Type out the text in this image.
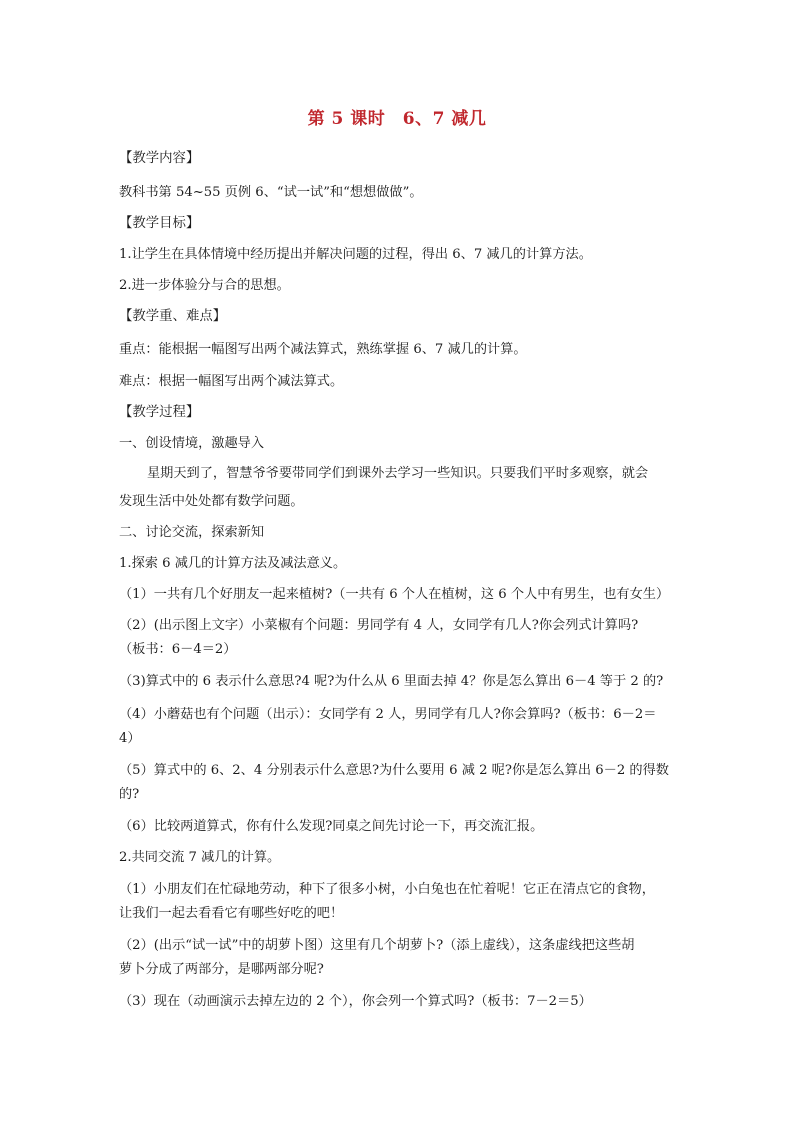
第 5 课时　6、7 减几
【教学内容】
教科书第 54~55 页例 6、“试一试”和“想想做做”。
【教学目标】
1.让学生在具体情境中经历提出并解决问题的过程，得出 6、7 减几的计算方法。
2.进一步体验分与合的思想。
【教学重、难点】
重点：能根据一幅图写出两个减法算式，熟练掌握 6、7 减几的计算。
难点：根据一幅图写出两个减法算式。
【教学过程】
一、创设情境，激趣导入
星期天到了，智慧爷爷要带同学们到课外去学习一些知识。只要我们平时多观察，就会
发现生活中处处都有数学问题。
二、讨论交流，探索新知
1.探索 6 减几的计算方法及减法意义。
（1）一共有几个好朋友一起来植树?（一共有 6 个人在植树，这 6 个人中有男生，也有女生）
（2）(出示图上文字）小菜椒有个问题：男同学有 4 人，女同学有几人?你会列式计算吗?
（板书：6－4＝2）
（3)算式中的 6 表示什么意思?4 呢?为什么从 6 里面去掉 4？你是怎么算出 6－4 等于 2 的?
（4）小蘑菇也有个问题（出示）：女同学有 2 人，男同学有几人?你会算吗?（板书：6－2＝
4）
（5）算式中的 6、2、4 分别表示什么意思?为什么要用 6 减 2 呢?你是怎么算出 6－2 的得数
的?
（6）比较两道算式，你有什么发现?同桌之间先讨论一下，再交流汇报。
2.共同交流 7 减几的计算。
（1）小朋友们在忙碌地劳动，种下了很多小树，小白兔也在忙着呢！它正在清点它的食物，
让我们一起去看看它有哪些好吃的吧！
（2）(出示“试一试”中的胡萝卜图）这里有几个胡萝卜?（添上虚线），这条虚线把这些胡
萝卜分成了两部分，是哪两部分呢?
（3）现在（动画演示去掉左边的 2 个），你会列一个算式吗?（板书：7－2＝5）
